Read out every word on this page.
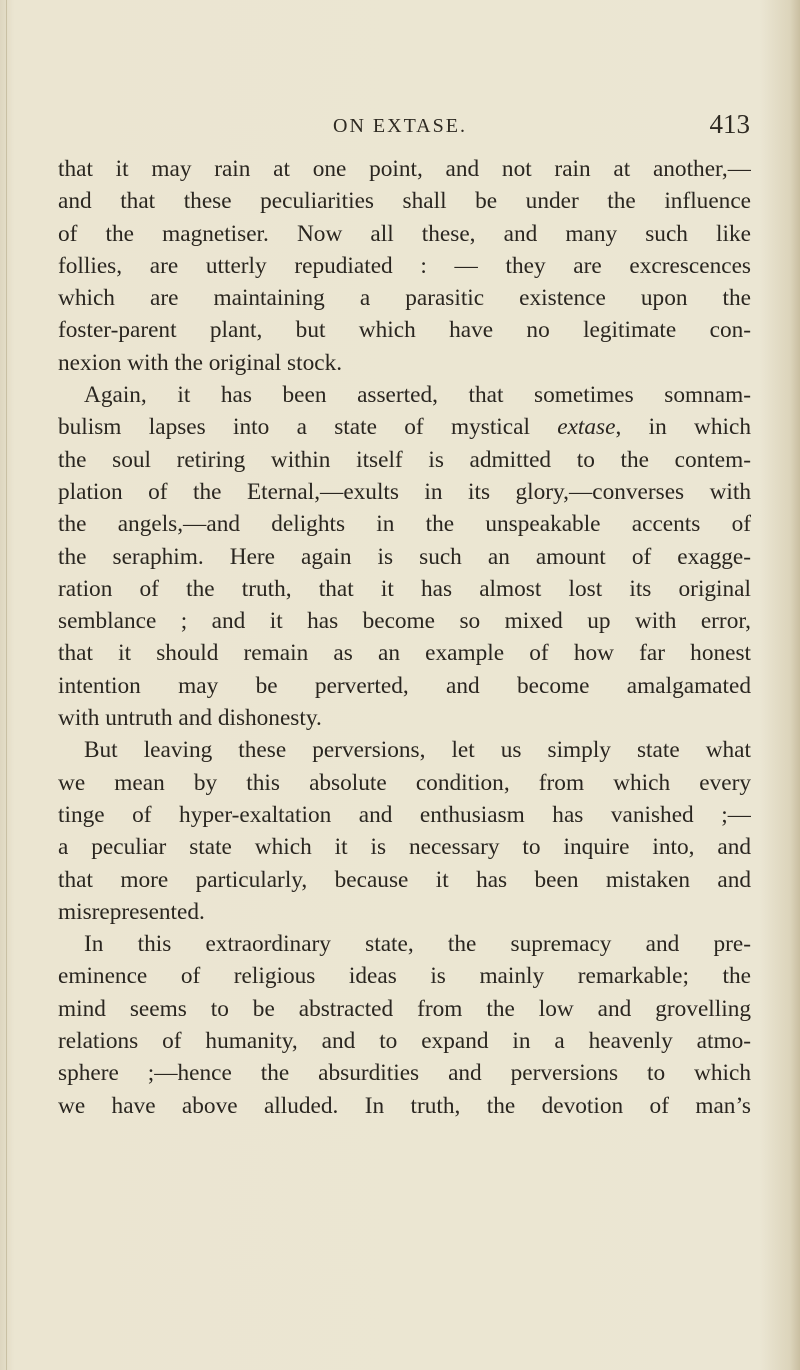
ON EXTASE.	413
that it may rain at one point, and not rain at another,—
and that these peculiarities shall be under the influence
of the magnetiser. Now all these, and many such like
follies, are utterly repudiated : — they are excrescences
which are maintaining a parasitic existence upon the
foster-parent plant, but which have no legitimate con-
nexion with the original stock.
Again, it has been asserted, that sometimes somnam-
bulism lapses into a state of mystical extase, in which
the soul retiring within itself is admitted to the contem-
plation of the Eternal,—exults in its glory,—converses with
the angels,—and delights in the unspeakable accents of
the seraphim. Here again is such an amount of exagge-
ration of the truth, that it has almost lost its original
semblance ; and it has become so mixed up with error,
that it should remain as an example of how far honest
intention may be perverted, and become amalgamated
with untruth and dishonesty.
But leaving these perversions, let us simply state what
we mean by this absolute condition, from which every
tinge of hyper-exaltation and enthusiasm has vanished ;—
a peculiar state which it is necessary to inquire into, and
that more particularly, because it has been mistaken and
misrepresented.
In this extraordinary state, the supremacy and pre-
eminence of religious ideas is mainly remarkable; the
mind seems to be abstracted from the low and grovelling
relations of humanity, and to expand in a heavenly atmo-
sphere ;—hence the absurdities and perversions to which
we have above alluded. In truth, the devotion of man’s
